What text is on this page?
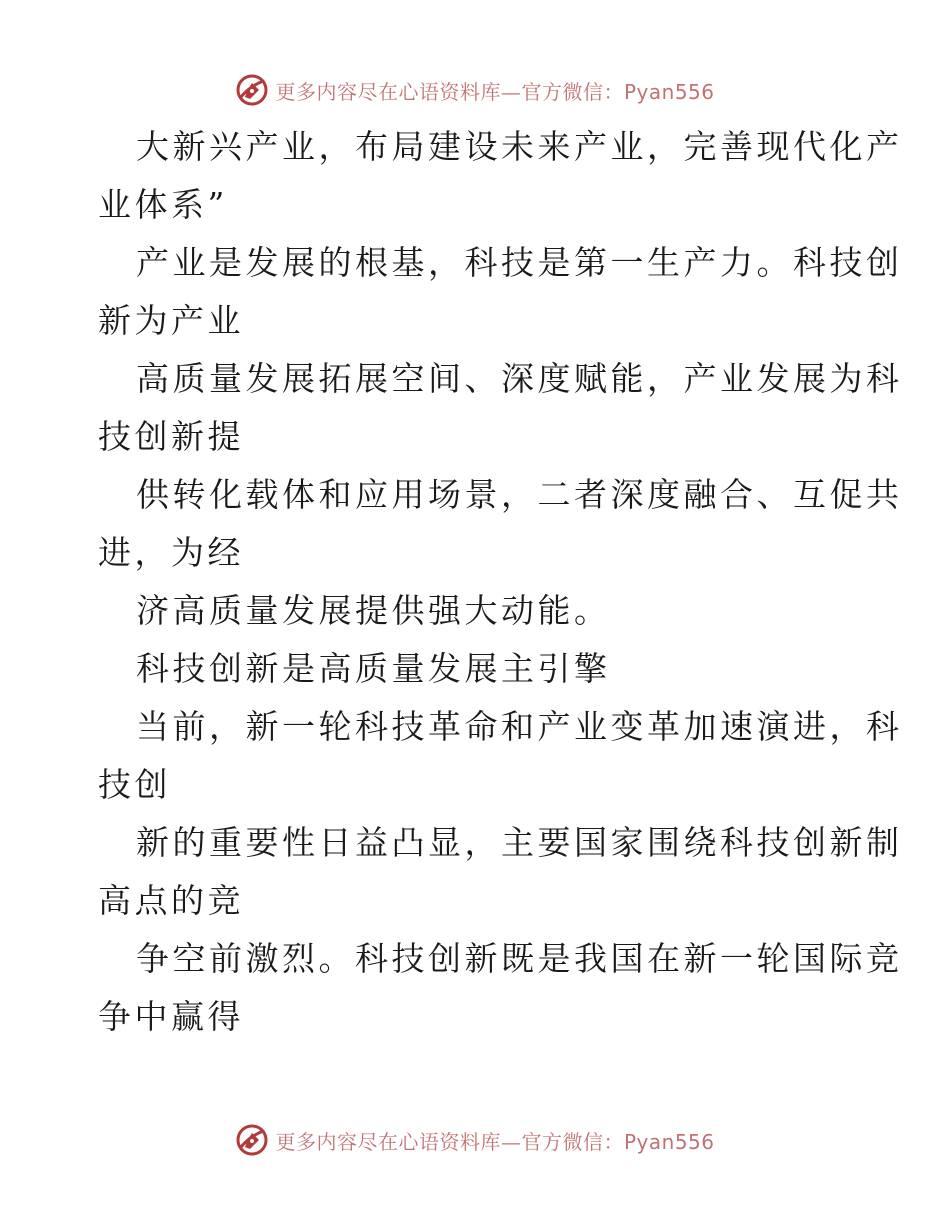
更多内容尽在心语资料库—官方微信：Pyan556
大新兴产业，布局建设未来产业，完善现代化产
业体系”
产业是发展的根基，科技是第一生产力。科技创
新为产业
高质量发展拓展空间、深度赋能，产业发展为科
技创新提
供转化载体和应用场景，二者深度融合、互促共
进，为经
济高质量发展提供强大动能。
科技创新是高质量发展主引擎
当前，新一轮科技革命和产业变革加速演进，科
技创
新的重要性日益凸显，主要国家围绕科技创新制
高点的竞
争空前激烈。科技创新既是我国在新一轮国际竞
争中赢得
更多内容尽在心语资料库—官方微信：Pyan556
